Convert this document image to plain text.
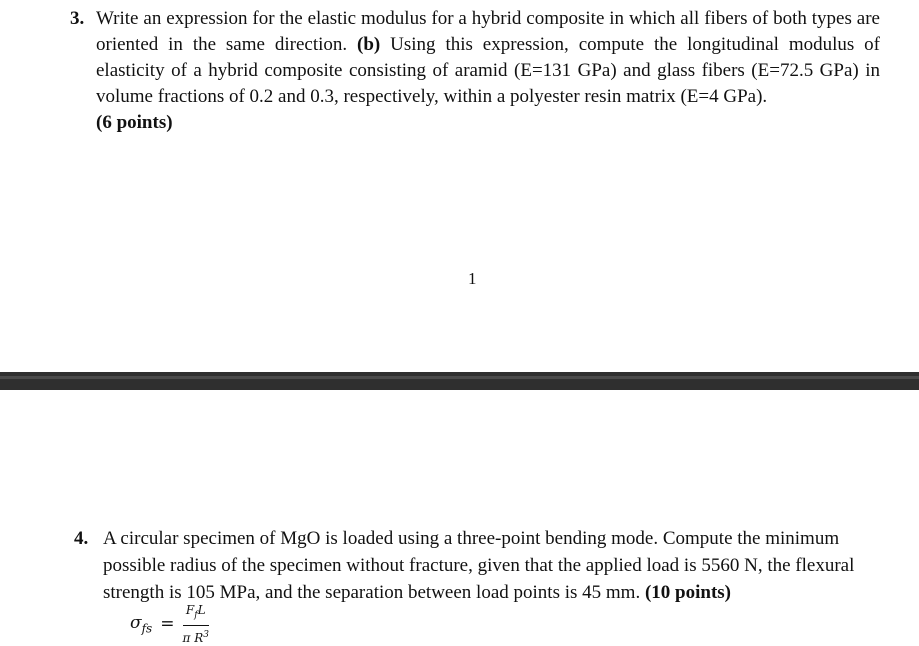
3. Write an expression for the elastic modulus for a hybrid composite in which all fibers of both types are oriented in the same direction. (b) Using this expression, compute the longitudinal modulus of elasticity of a hybrid composite consisting of aramid (E=131 GPa) and glass fibers (E=72.5 GPa) in volume fractions of 0.2 and 0.3, respectively, within a polyester resin matrix (E=4 GPa).
(6 points)
1
4. A circular specimen of MgO is loaded using a three-point bending mode. Compute the minimum possible radius of the specimen without fracture, given that the applied load is 5560 N, the flexural strength is 105 MPa, and the separation between load points is 45 mm. (10 points)
$\sigma_{fs} = \frac{F_fL}{\pi R^3}$
